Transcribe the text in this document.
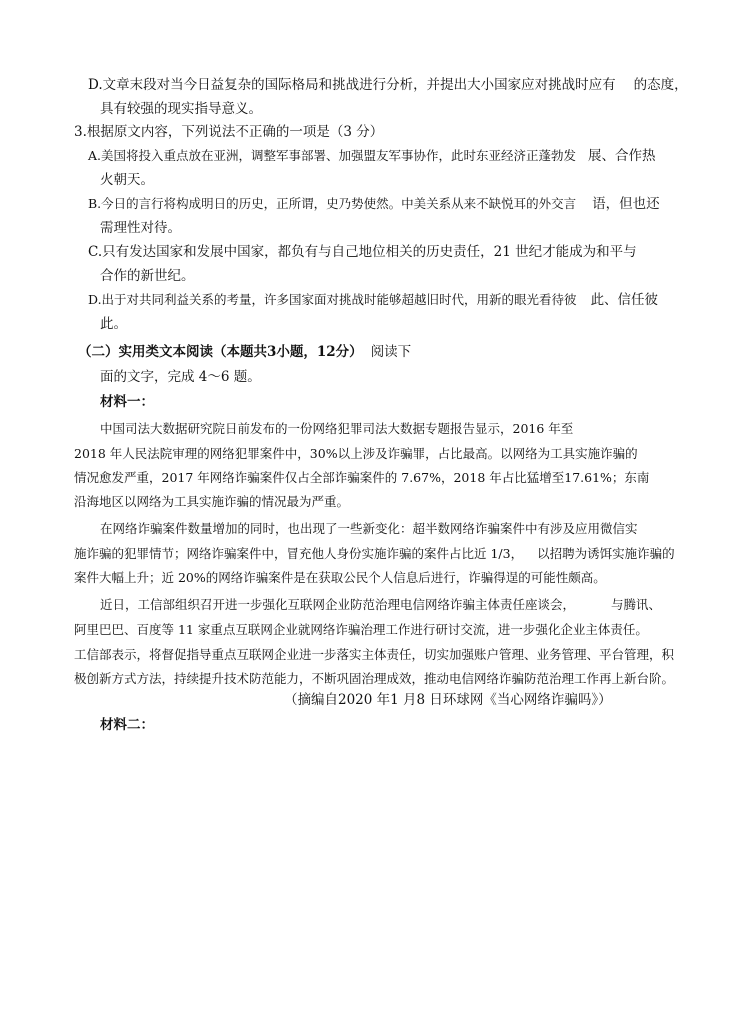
D.文章末段对当今日益复杂的国际格局和挑战进行分析，并提出大小国家应对挑战时应有 的态度，
具有较强的现实指导意义。
3.根据原文内容，下列说法不正确的一项是（3 分）
A.美国将投入重点放在亚洲，调整军事部署、加强盟友军事协作，此时东亚经济正蓬勃发 展、合作热
火朝天。
B.今日的言行将构成明日的历史，正所谓，史乃势使然。中美关系从来不缺悦耳的外交言 语，但也还
需理性对待。
C.只有发达国家和发展中国家，都负有与自己地位相关的历史责任，21 世纪才能成为和平与
合作的新世纪。
D.出于对共同利益关系的考量，许多国家面对挑战时能够超越旧时代，用新的眼光看待彼 此、信任彼
此。
（二）实用类文本阅读（本题共3小题，12分） 阅读下
面的文字，完成 4～6 题。
材料一：
中国司法大数据研究院日前发布的一份网络犯罪司法大数据专题报告显示，2016 年至
2018 年人民法院审理的网络犯罪案件中，30%以上涉及诈骗罪，占比最高。以网络为工具实施诈骗的
情况愈发严重，2017 年网络诈骗案件仅占全部诈骗案件的 7.67%，2018 年占比猛增至17.61%；东南
沿海地区以网络为工具实施诈骗的情况最为严重。
在网络诈骗案件数量增加的同时，也出现了一些新变化：超半数网络诈骗案件中有涉及应用微信实
施诈骗的犯罪情节；网络诈骗案件中，冒充他人身份实施诈骗的案件占比近 1/3， 以招聘为诱饵实施诈骗的
案件大幅上升；近 20%的网络诈骗案件是在获取公民个人信息后进行，诈骗得逞的可能性颇高。
近日，工信部组织召开进一步强化互联网企业防范治理电信网络诈骗主体责任座谈会，	与腾讯、
阿里巴巴、百度等 11 家重点互联网企业就网络诈骗治理工作进行研讨交流，进一步强化企业主体责任。
工信部表示，将督促指导重点互联网企业进一步落实主体责任，切实加强账户管理、业务管理、平台管理，积
极创新方式方法，持续提升技术防范能力，不断巩固治理成效，推动电信网络诈骗防范治理工作再上新台阶。
（摘编自2020 年1 月8 日环球网《当心网络诈骗吗》）
材料二：
